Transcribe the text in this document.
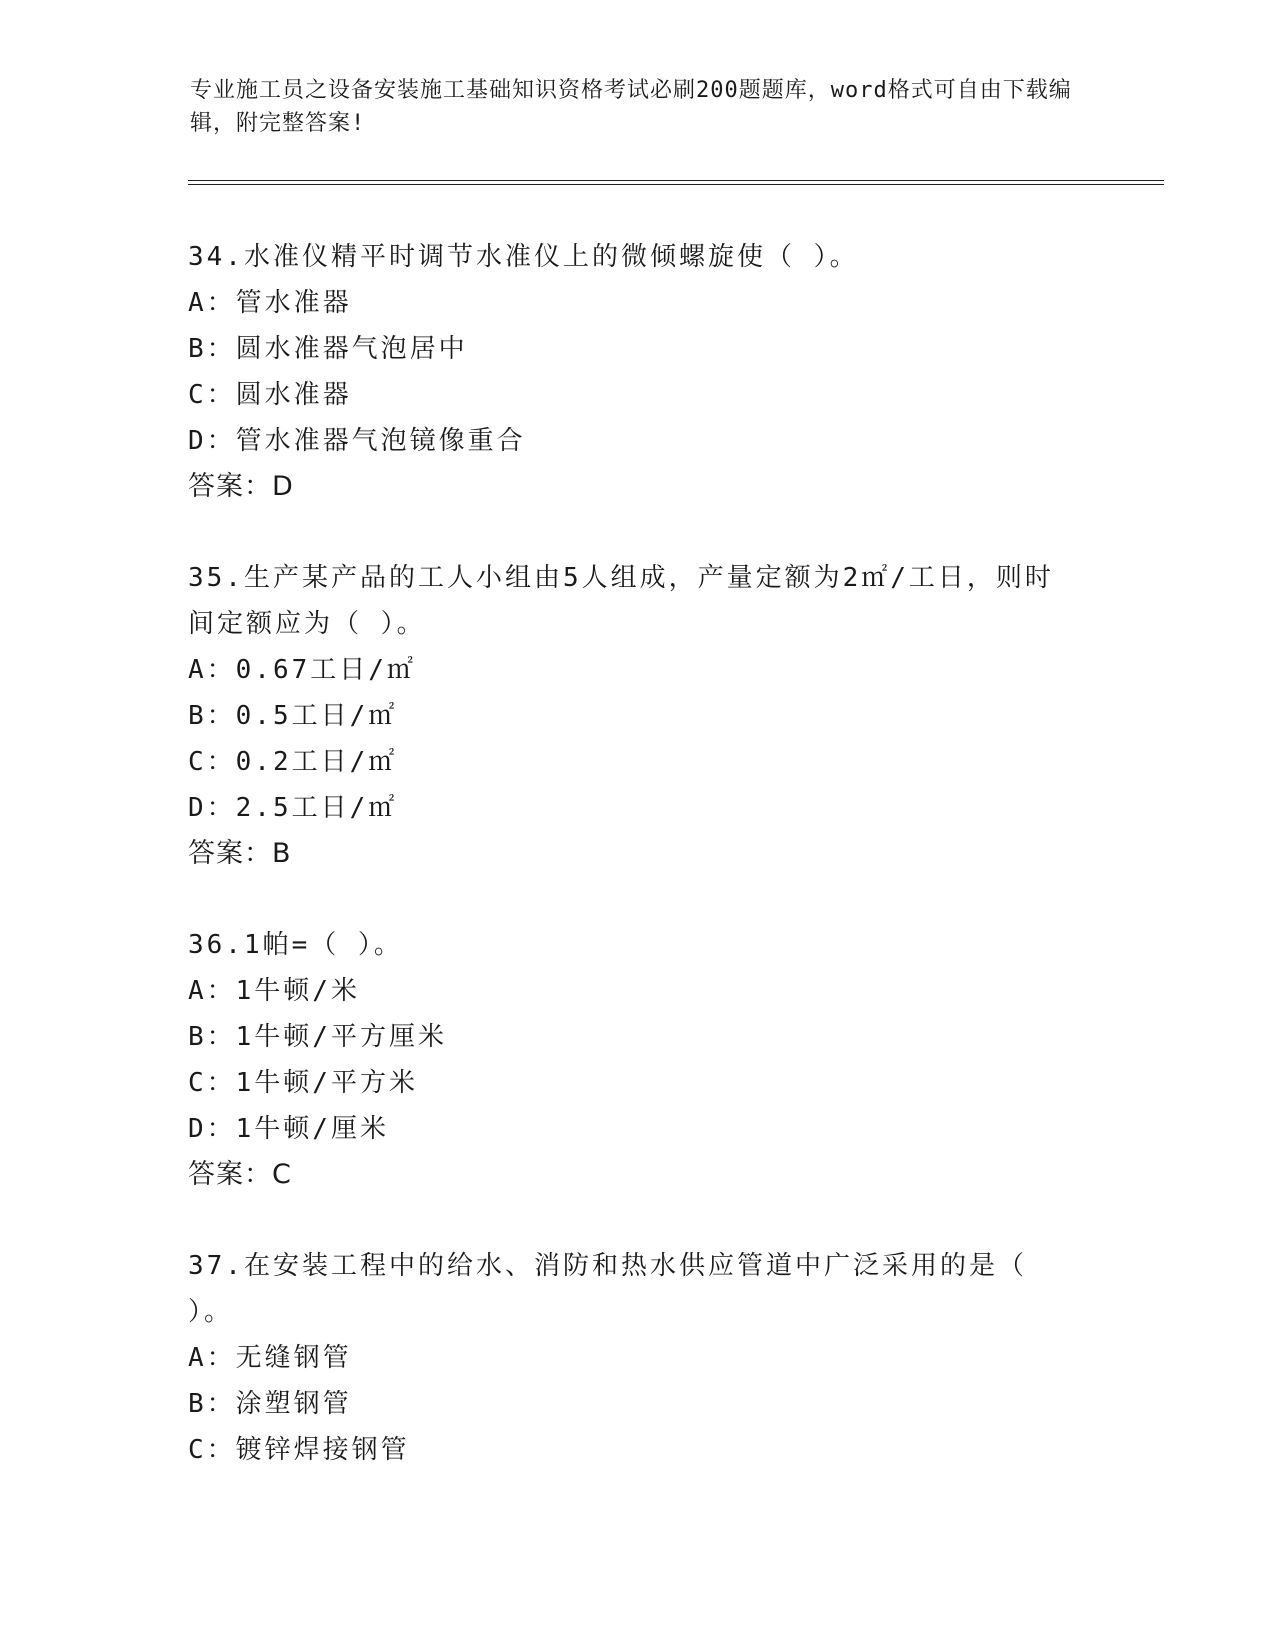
专业施工员之设备安装施工基础知识资格考试必刷200题题库，word格式可自由下载编辑，附完整答案!
34.水准仪精平时调节水准仪上的微倾螺旋使（ ）。
A：管水准器
B：圆水准器气泡居中
C：圆水准器
D：管水准器气泡镜像重合
答案：D
35.生产某产品的工人小组由5人组成，产量定额为2㎡/工日，则时间定额应为（ ）。
A：0.67工日/㎡
B：0.5工日/㎡
C：0.2工日/㎡
D：2.5工日/㎡
答案：B
36.1帕=（ ）。
A：1牛顿/米
B：1牛顿/平方厘米
C：1牛顿/平方米
D：1牛顿/厘米
答案：C
37.在安装工程中的给水、消防和热水供应管道中广泛采用的是（ ）。
A：无缝钢管
B：涂塑钢管
C：镀锌焊接钢管
